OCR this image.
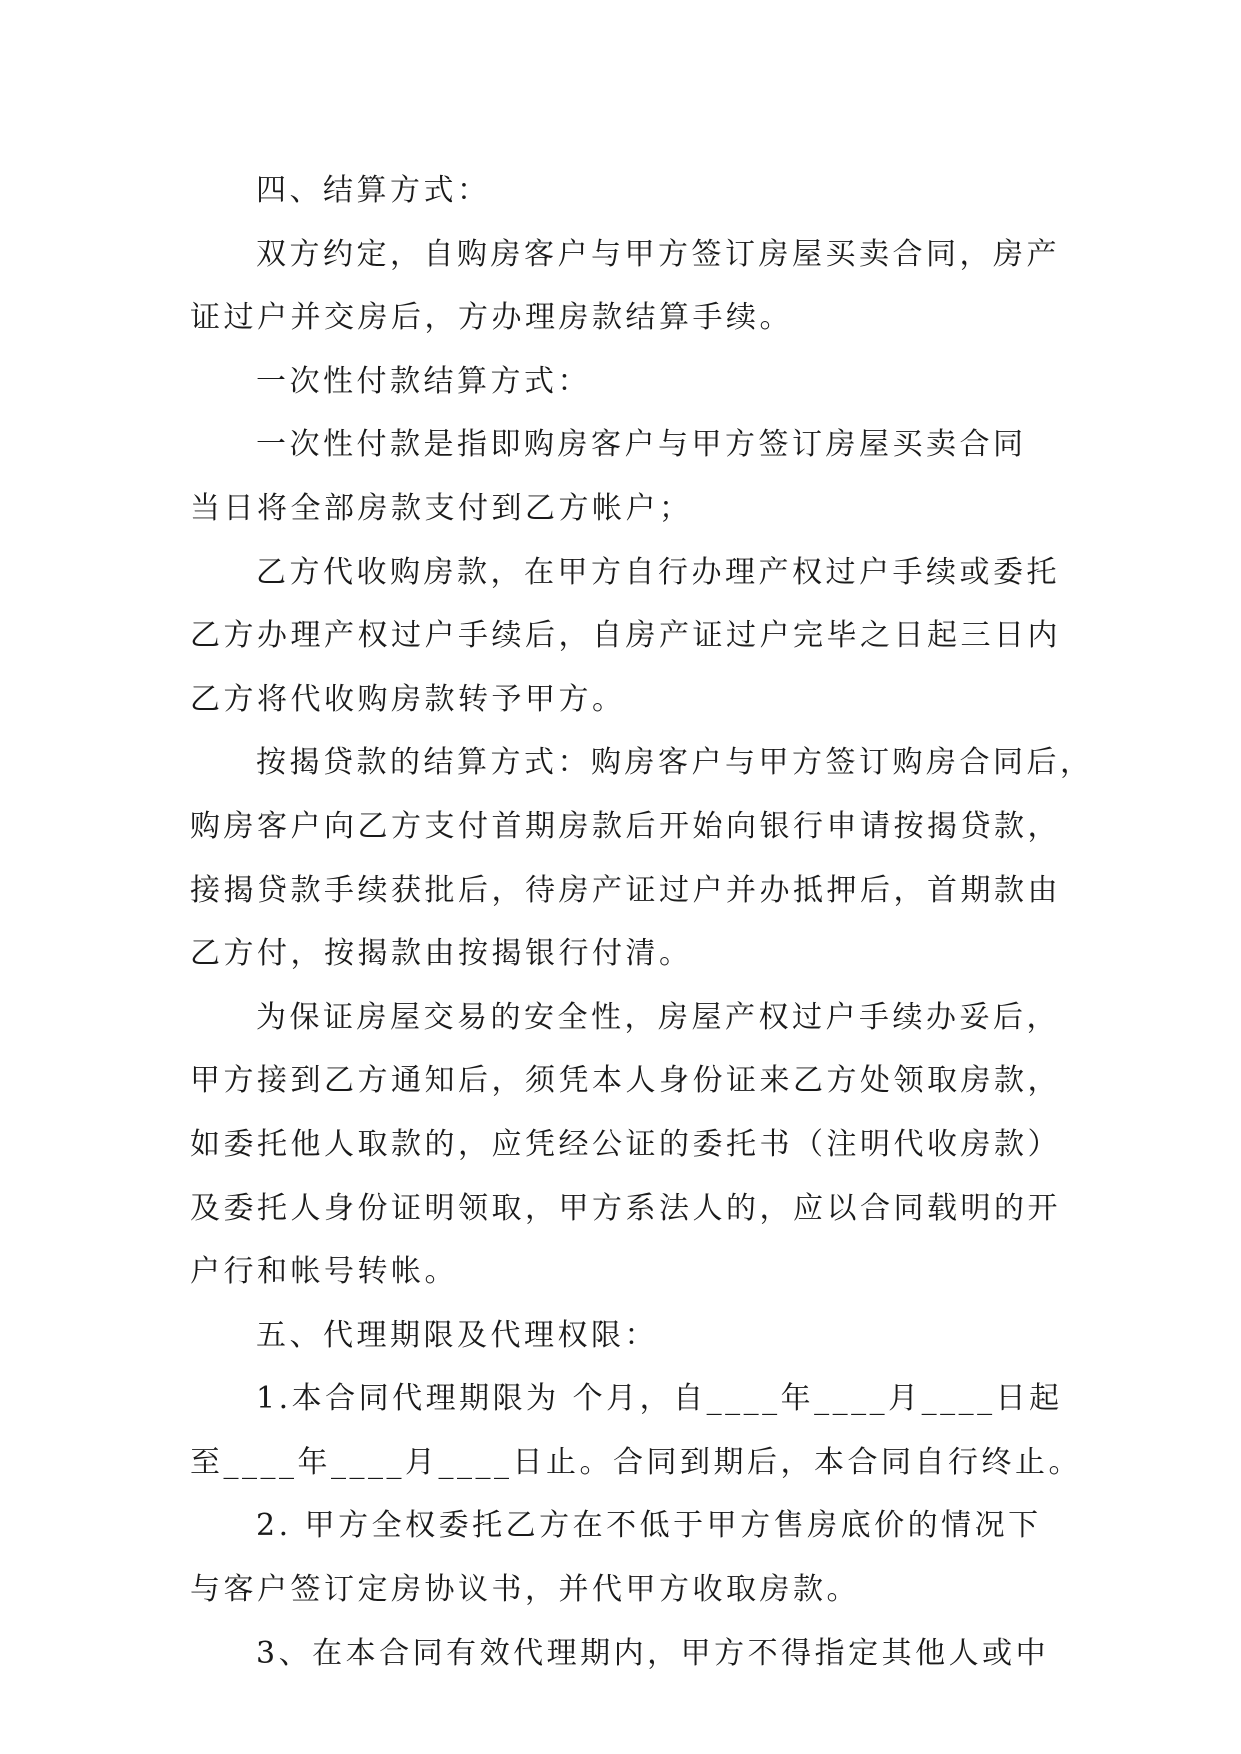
四、结算方式：
双方约定，自购房客户与甲方签订房屋买卖合同，房产
证过户并交房后，方办理房款结算手续。
一次性付款结算方式：
一次性付款是指即购房客户与甲方签订房屋买卖合同
当日将全部房款支付到乙方帐户；
乙方代收购房款，在甲方自行办理产权过户手续或委托
乙方办理产权过户手续后，自房产证过户完毕之日起三日内
乙方将代收购房款转予甲方。
按揭贷款的结算方式：购房客户与甲方签订购房合同后，
购房客户向乙方支付首期房款后开始向银行申请按揭贷款，
接揭贷款手续获批后，待房产证过户并办抵押后，首期款由
乙方付，按揭款由按揭银行付清。
为保证房屋交易的安全性，房屋产权过户手续办妥后，
甲方接到乙方通知后，须凭本人身份证来乙方处领取房款，
如委托他人取款的，应凭经公证的委托书（注明代收房款）
及委托人身份证明领取，甲方系法人的，应以合同载明的开
户行和帐号转帐。
五、代理期限及代理权限：
1.本合同代理期限为 个月，自____年____月____日起
至____年____月____日止。合同到期后，本合同自行终止。
2. 甲方全权委托乙方在不低于甲方售房底价的情况下
与客户签订定房协议书，并代甲方收取房款。
3、在本合同有效代理期内，甲方不得指定其他人或中
